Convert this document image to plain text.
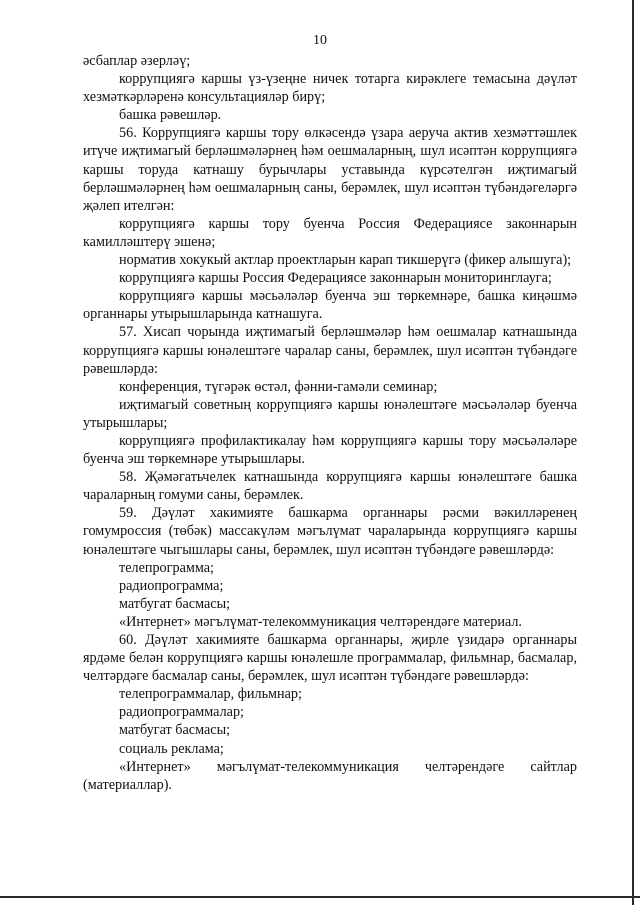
10

әсбаплар әзерләү;

коррупциягә каршы үз-үзеңне ничек тотарга кирәклеге темасына дәүләт хезмәткәрләренә консультацияләр бирү;

башка рәвешләр.

56. Коррупциягә каршы тору өлкәсендә үзара аеруча актив хезмәттәшлек итүче иҗтимагый берләшмәләрнең һәм оешмаларның, шул исәптән коррупциягә каршы торуда катнашу бурычлары уставында күрсәтелгән иҗтимагый берләшмәләрнең һәм оешмаларның саны, берәмлек, шул исәптән түбәндәгеләргә җәлеп ителгән:

коррупциягә каршы тору буенча Россия Федерациясе законнарын камилләштерү эшенә;

норматив хокукый актлар проектларын карап тикшерүгә (фикер алышуга);

коррупциягә каршы Россия Федерациясе законнарын мониторинглауга;

коррупциягә каршы мәсьәләләр буенча эш төркемнәре, башка киңәшмә органнары утырышларында катнашуга.

57. Хисап чорында иҗтимагый берләшмәләр һәм оешмалар катнашында коррупциягә каршы юнәлештәге чаралар саны, берәмлек, шул исәптән түбәндәге рәвешләрдә:

конференция, түгәрәк өстәл, фәнни-гамәли семинар;

иҗтимагый советның коррупциягә каршы юнәлештәге мәсьәләләр буенча утырышлары;

коррупциягә профилактикалау һәм коррупциягә каршы тору мәсьәләләре буенча эш төркемнәре утырышлары.

58. Җәмәгатьчелек катнашында коррупциягә каршы юнәлештәге башка чараларның гомуми саны, берәмлек.

59. Дәүләт хакимияте башкарма органнары рәсми вәкилләренең гомумроссия (төбәк) массакүләм мәгълүмат чараларында коррупциягә каршы юнәлештәге чыгышлары саны, берәмлек, шул исәптән түбәндәге рәвешләрдә:

телепрограмма;

радиопрограмма;

матбугат басмасы;

«Интернет» мәгълүмат-телекоммуникация челтәрендәге материал.

60. Дәүләт хакимияте башкарма органнары, җирле үзидарә органнары ярдәме белән коррупциягә каршы юнәлешле программалар, фильмнар, басмалар, челтәрдәге басмалар саны, берәмлек, шул исәптән түбәндәге рәвешләрдә:

телепрограммалар, фильмнар;

радиопрограммалар;

матбугат басмасы;

социаль реклама;

«Интернет» мәгълүмат-телекоммуникация челтәрендәге сайтлар (материаллар).
